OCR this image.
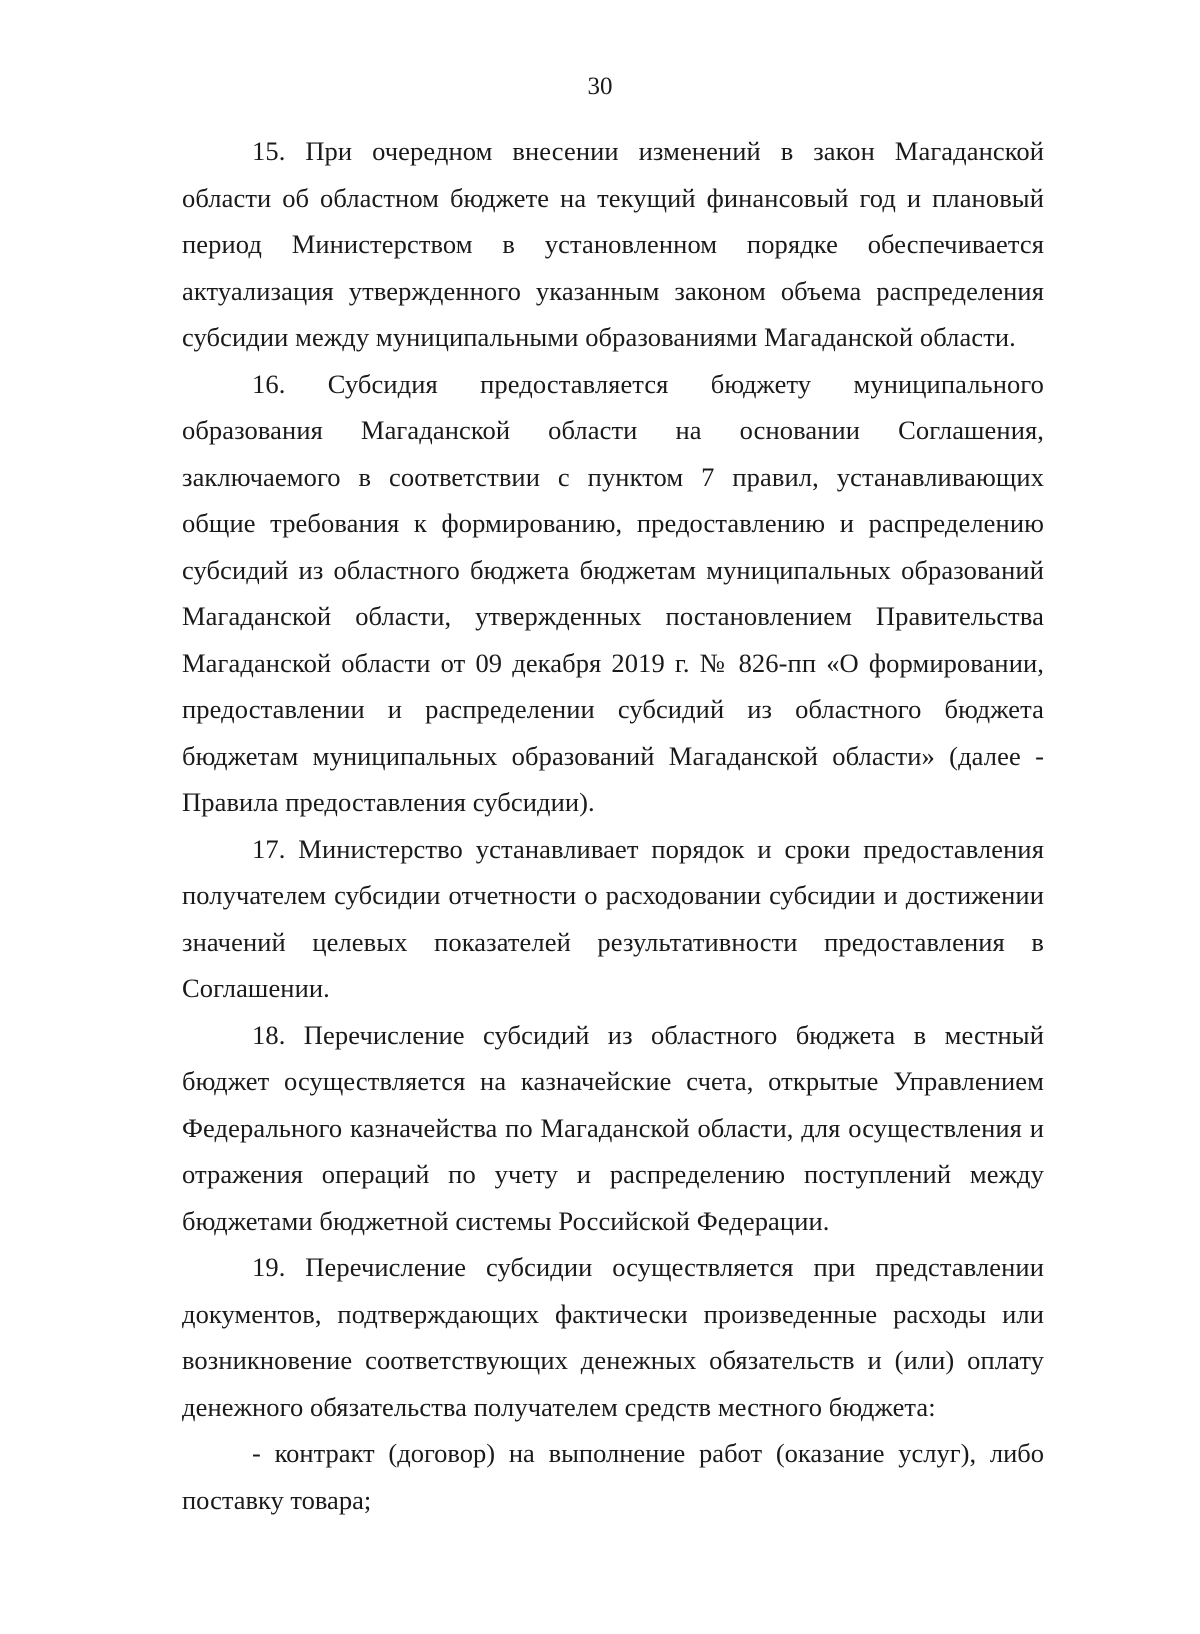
30

15. При очередном внесении изменений в закон Магаданской области об областном бюджете на текущий финансовый год и плановый период Министерством в установленном порядке обеспечивается актуализация утвержденного указанным законом объема распределения субсидии между муниципальными образованиями Магаданской области.

16. Субсидия предоставляется бюджету муниципального образования Магаданской области на основании Соглашения, заключаемого в соответствии с пунктом 7 правил, устанавливающих общие требования к формированию, предоставлению и распределению субсидий из областного бюджета бюджетам муниципальных образований Магаданской области, утвержденных постановлением Правительства Магаданской области от 09 декабря 2019 г. № 826-пп «О формировании, предоставлении и распределении субсидий из областного бюджета бюджетам муниципальных образований Магаданской области» (далее - Правила предоставления субсидии).

17. Министерство устанавливает порядок и сроки предоставления получателем субсидии отчетности о расходовании субсидии и достижении значений целевых показателей результативности предоставления в Соглашении.

18. Перечисление субсидий из областного бюджета в местный бюджет осуществляется на казначейские счета, открытые Управлением Федерального казначейства по Магаданской области, для осуществления и отражения операций по учету и распределению поступлений между бюджетами бюджетной системы Российской Федерации.

19. Перечисление субсидии осуществляется при представлении документов, подтверждающих фактически произведенные расходы или возникновение соответствующих денежных обязательств и (или) оплату денежного обязательства получателем средств местного бюджета:

- контракт (договор) на выполнение работ (оказание услуг), либо поставку товара;
